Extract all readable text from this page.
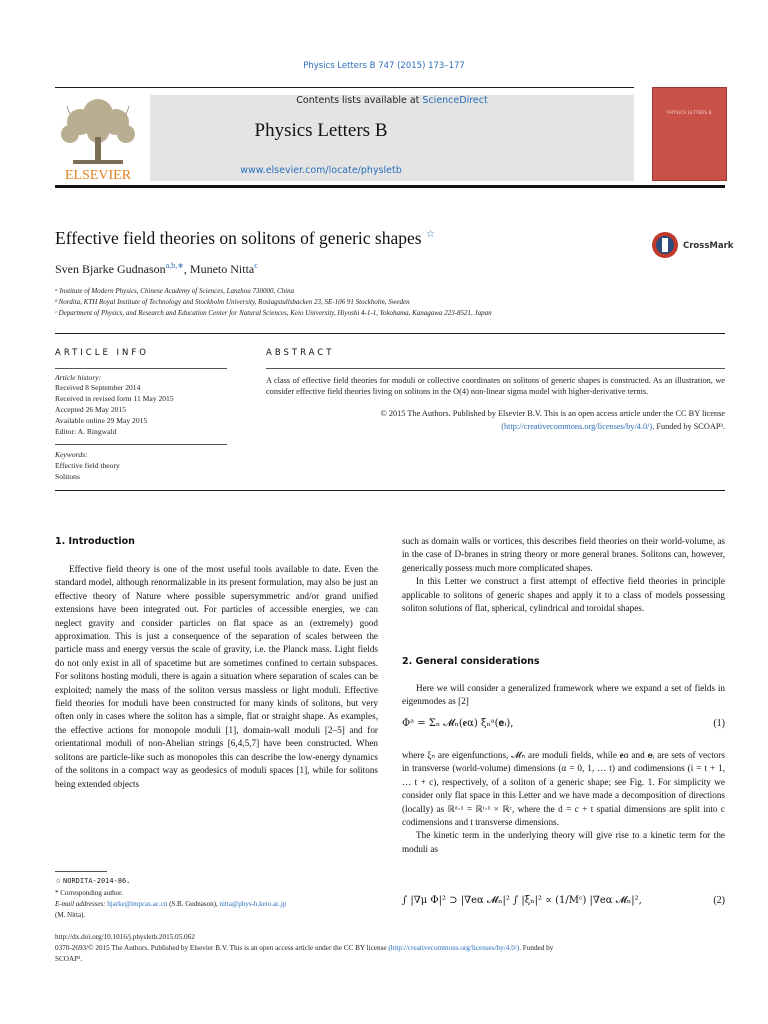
Physics Letters B 747 (2015) 173–177
ELSEVIER
Contents lists available at ScienceDirect
Physics Letters B
www.elsevier.com/locate/physletb
PHYSICS LETTERS B
Effective field theories on solitons of generic shapes ☆
CrossMark
Sven Bjarke Gudnason$^{a,b,∗}$, Muneto Nitta$^c$
ᵃ Institute of Modern Physics, Chinese Academy of Sciences, Lanzhou 730000, China
ᵇ Nordita, KTH Royal Institute of Technology and Stockholm University, Roslagstullsbacken 23, SE-106 91 Stockholm, Sweden
ᶜ Department of Physics, and Research and Education Center for Natural Sciences, Keio University, Hiyoshi 4-1-1, Yokohama, Kanagawa 223-8521, Japan
ARTICLE INFO
Article history:
Received 8 September 2014
Received in revised form 11 May 2015
Accepted 26 May 2015
Available online 29 May 2015
Editor: A. Ringwald
Keywords:
Effective field theory
Solitons
ABSTRACT
A class of effective field theories for moduli or collective coordinates on solitons of generic shapes is constructed. As an illustration, we consider effective field theories living on solitons in the O(4) non-linear sigma model with higher-derivative terms.
© 2015 The Authors. Published by Elsevier B.V. This is an open access article under the CC BY license
(http://creativecommons.org/licenses/by/4.0/). Funded by SCOAP³.
1. Introduction

Effective field theory is one of the most useful tools available to date. Even the standard model, although renormalizable in its present formulation, may also be just an effective theory of Nature where possible supersymmetric and/or grand unified extensions have been integrated out. For particles of accessible energies, we can neglect gravity and consider particles on flat space as an (extremely) good approximation. This is just a consequence of the separation of scales between the particle mass and energy versus the scale of gravity, i.e. the Planck mass. Light fields do not only exist in all of spacetime but are sometimes confined to certain subspaces. For solitons hosting moduli, there is again a situation where separation of scales can be exploited; namely the mass of the soliton versus massless or light moduli. Effective field theories for moduli have been constructed for many kinds of solitons, but very often only in cases where the soliton has a simple, flat or straight shape. As examples, the effective actions for monopole moduli [1], domain-wall moduli [2–5] and for orientational moduli of non-Abelian strings [6,4,5,7] have been constructed. When solitons are particle-like such as monopoles this can describe the low-energy dynamics of the solitons in a compact way as geodesics of moduli spaces [1], while for solitons being extended objects

such as domain walls or vortices, this describes field theories on their world-volume, as in the case of D-branes in string theory or more general branes. Solitons can, however, generically possess much more complicated shapes.

In this Letter we construct a first attempt of effective field theories in principle applicable to solitons of generic shapes and apply it to a class of models possessing soliton solutions of flat, spherical, cylindrical and toroidal shapes.

2. General considerations

Here we will consider a generalized framework where we expand a set of fields in eigenmodes as [2]

Φᵃ = Σₙ 𝓜ₙ(𝐞α) ξₙᵃ(𝐞ᵢ),	(1)

where ξₙ are eigenfunctions, 𝓜ₙ are moduli fields, while 𝐞α and 𝐞ᵢ are sets of vectors in transverse (world-volume) dimensions (α = 0, 1, … t) and codimensions (i = t + 1, … t + c), respectively, of a soliton of a generic shape; see Fig. 1. For simplicity we consider only flat space in this Letter and we have made a decomposition of directions (locally) as ℝᵈ·¹ = ℝᵗ·¹ × ℝᶜ, where the d = c + t spatial dimensions are split into c codimensions and t transverse dimensions.

The kinetic term in the underlying theory will give rise to a kinetic term for the moduli as

∫ |∇μ Φ|² ⊃ |∇eα 𝓜ₙ|² ∫ |ξₙ|² ∝ (1/Mᶜ) |∇eα 𝓜ₙ|²,	(2)
☆ NORDITA-2014-86.
* Corresponding author.
E-mail addresses: bjarke@impcas.ac.cn (S.B. Gudnason), nitta@phys-h.keio.ac.jp
(M. Nitta).
http://dx.doi.org/10.1016/j.physletb.2015.05.062
0370-2693/© 2015 The Authors. Published by Elsevier B.V. This is an open access article under the CC BY license (http://creativecommons.org/licenses/by/4.0/). Funded by
SCOAP³.
